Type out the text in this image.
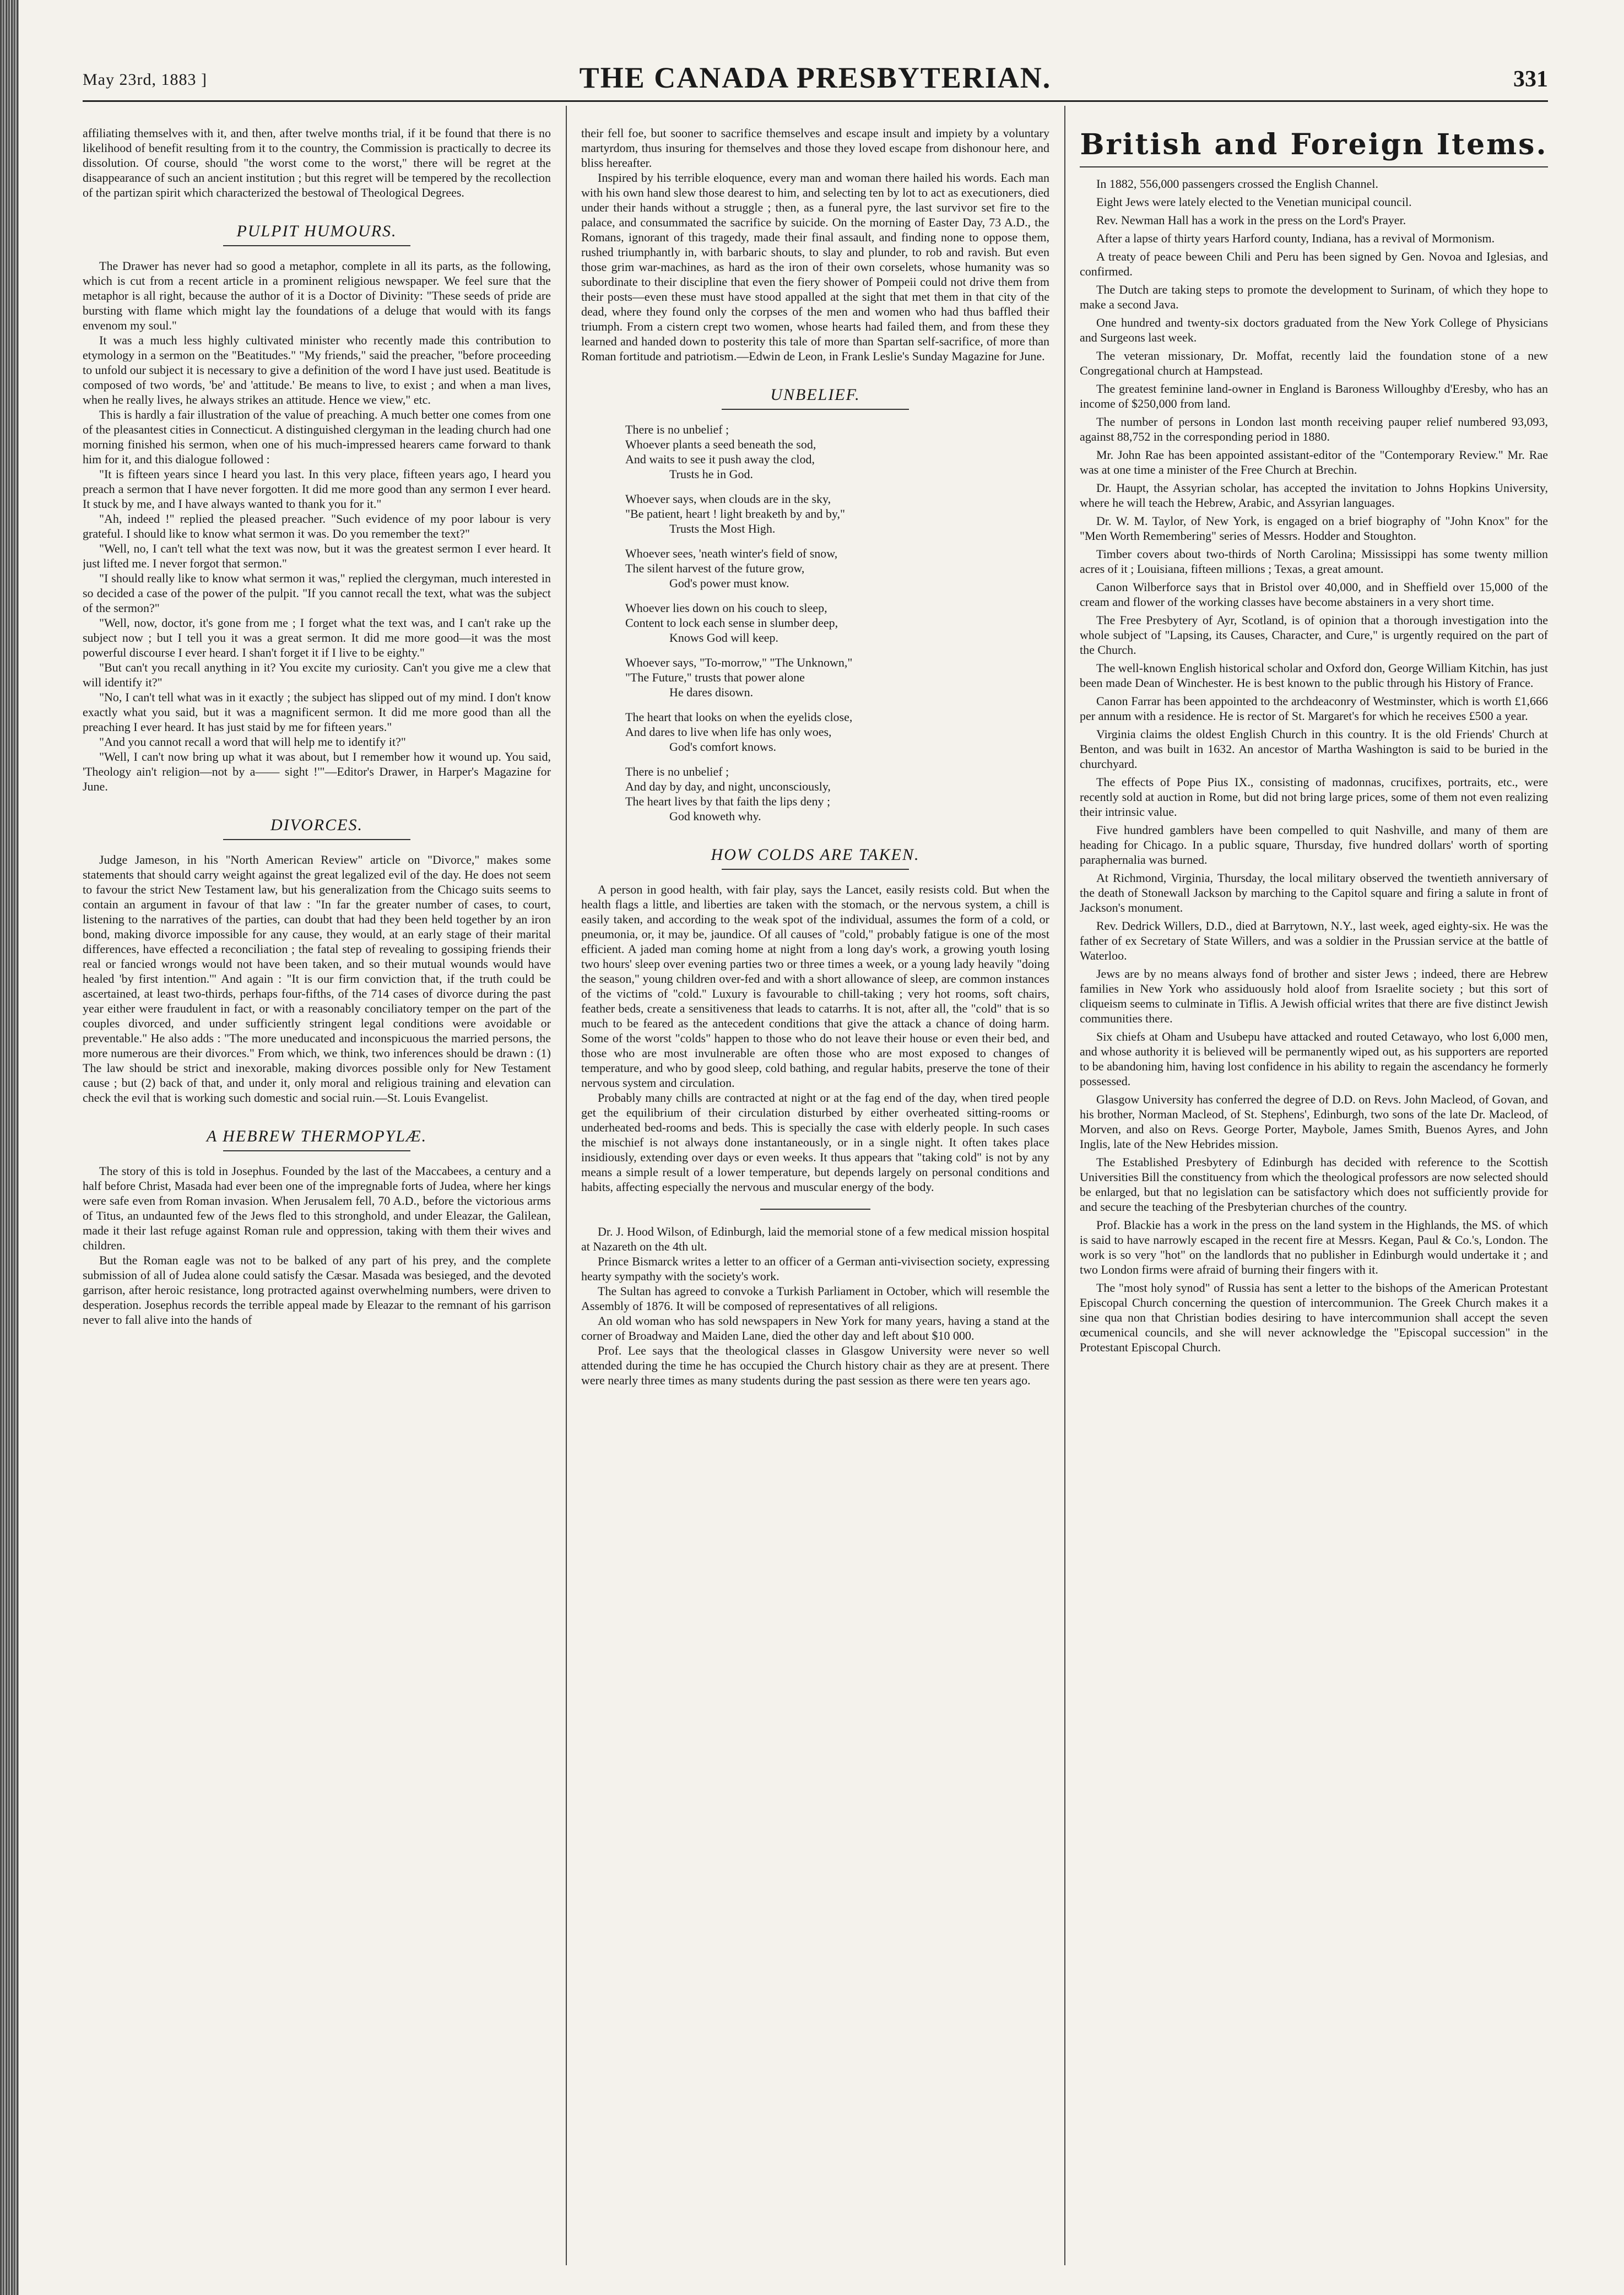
May 23rd, 1883 ]	THE CANADA PRESBYTERIAN.	331

affiliating themselves with it, and then, after twelve months trial, if it be found that there is no likelihood of benefit resulting from it to the country, the Commission is practically to decree its dissolution. Of course, should "the worst come to the worst," there will be regret at the disappearance of such an ancient institution ; but this regret will be tempered by the recollection of the partizan spirit which characterized the bestowal of Theological Degrees.

PULPIT HUMOURS.

The Drawer has never had so good a metaphor, complete in all its parts, as the following, which is cut from a recent article in a prominent religious newspaper. We feel sure that the metaphor is all right, because the author of it is a Doctor of Divinity: "These seeds of pride are bursting with flame which might lay the foundations of a deluge that would with its fangs envenom my soul."

It was a much less highly cultivated minister who recently made this contribution to etymology in a sermon on the "Beatitudes." "My friends," said the preacher, "before proceeding to unfold our subject it is necessary to give a definition of the word I have just used. Beatitude is composed of two words, 'be' and 'attitude.' Be means to live, to exist ; and when a man lives, when he really lives, he always strikes an attitude. Hence we view," etc.

This is hardly a fair illustration of the value of preaching. A much better one comes from one of the pleasantest cities in Connecticut. A distinguished clergyman in the leading church had one morning finished his sermon, when one of his much-impressed hearers came forward to thank him for it, and this dialogue followed :

"It is fifteen years since I heard you last. In this very place, fifteen years ago, I heard you preach a sermon that I have never forgotten. It did me more good than any sermon I ever heard. It stuck by me, and I have always wanted to thank you for it."

"Ah, indeed !" replied the pleased preacher. "Such evidence of my poor labour is very grateful. I should like to know what sermon it was. Do you remember the text?"

"Well, no, I can't tell what the text was now, but it was the greatest sermon I ever heard. It just lifted me. I never forgot that sermon."

"I should really like to know what sermon it was," replied the clergyman, much interested in so decided a case of the power of the pulpit. "If you cannot recall the text, what was the subject of the sermon?"

"Well, now, doctor, it's gone from me ; I forget what the text was, and I can't rake up the subject now ; but I tell you it was a great sermon. It did me more good—it was the most powerful discourse I ever heard. I shan't forget it if I live to be eighty."

"But can't you recall anything in it? You excite my curiosity. Can't you give me a clew that will identify it?"

"No, I can't tell what was in it exactly ; the subject has slipped out of my mind. I don't know exactly what you said, but it was a magnificent sermon. It did me more good than all the preaching I ever heard. It has just staid by me for fifteen years."

"And you cannot recall a word that will help me to identify it?"

"Well, I can't now bring up what it was about, but I remember how it wound up. You said, 'Theology ain't religion—not by a—— sight !'"—Editor's Drawer, in Harper's Magazine for June.

DIVORCES.

Judge Jameson, in his "North American Review" article on "Divorce," makes some statements that should carry weight against the great legalized evil of the day. He does not seem to favour the strict New Testament law, but his generalization from the Chicago suits seems to contain an argument in favour of that law : "In far the greater number of cases, to court, listening to the narratives of the parties, can doubt that had they been held together by an iron bond, making divorce impossible for any cause, they would, at an early stage of their marital differences, have effected a reconciliation ; the fatal step of revealing to gossiping friends their real or fancied wrongs would not have been taken, and so their mutual wounds would have healed 'by first intention.'" And again : "It is our firm conviction that, if the truth could be ascertained, at least two-thirds, perhaps four-fifths, of the 714 cases of divorce during the past year either were fraudulent in fact, or with a reasonably conciliatory temper on the part of the couples divorced, and under sufficiently stringent legal conditions were avoidable or preventable." He also adds : "The more uneducated and inconspicuous the married persons, the more numerous are their divorces." From which, we think, two inferences should be drawn : (1) The law should be strict and inexorable, making divorces possible only for New Testament cause ; but (2) back of that, and under it, only moral and religious training and elevation can check the evil that is working such domestic and social ruin.—St. Louis Evangelist.

A HEBREW THERMOPYLÆ.

The story of this is told in Josephus. Founded by the last of the Maccabees, a century and a half before Christ, Masada had ever been one of the impregnable forts of Judea, where her kings were safe even from Roman invasion. When Jerusalem fell, 70 A.D., before the victorious arms of Titus, an undaunted few of the Jews fled to this stronghold, and under Eleazar, the Galilean, made it their last refuge against Roman rule and oppression, taking with them their wives and children.

But the Roman eagle was not to be balked of any part of his prey, and the complete submission of all of Judea alone could satisfy the Cæsar. Masada was besieged, and the devoted garrison, after heroic resistance, long protracted against overwhelming numbers, were driven to desperation. Josephus records the terrible appeal made by Eleazar to the remnant of his garrison never to fall alive into the hands of

their fell foe, but sooner to sacrifice themselves and escape insult and impiety by a voluntary martyrdom, thus insuring for themselves and those they loved escape from dishonour here, and bliss hereafter.

Inspired by his terrible eloquence, every man and woman there hailed his words. Each man with his own hand slew those dearest to him, and selecting ten by lot to act as executioners, died under their hands without a struggle ; then, as a funeral pyre, the last survivor set fire to the palace, and consummated the sacrifice by suicide. On the morning of Easter Day, 73 A.D., the Romans, ignorant of this tragedy, made their final assault, and finding none to oppose them, rushed triumphantly in, with barbaric shouts, to slay and plunder, to rob and ravish. But even those grim war-machines, as hard as the iron of their own corselets, whose humanity was so subordinate to their discipline that even the fiery shower of Pompeii could not drive them from their posts—even these must have stood appalled at the sight that met them in that city of the dead, where they found only the corpses of the men and women who had thus baffled their triumph. From a cistern crept two women, whose hearts had failed them, and from these they learned and handed down to posterity this tale of more than Spartan self-sacrifice, of more than Roman fortitude and patriotism.—Edwin de Leon, in Frank Leslie's Sunday Magazine for June.

UNBELIEF.
There is no unbelief ;
Whoever plants a seed beneath the sod,
And waits to see it push away the clod,
Trusts he in God.
Whoever says, when clouds are in the sky,
"Be patient, heart ! light breaketh by and by,"
Trusts the Most High.
Whoever sees, 'neath winter's field of snow,
The silent harvest of the future grow,
God's power must know.
Whoever lies down on his couch to sleep,
Content to lock each sense in slumber deep,
Knows God will keep.
Whoever says, "To-morrow," "The Unknown,"
"The Future," trusts that power alone
He dares disown.
The heart that looks on when the eyelids close,
And dares to live when life has only woes,
God's comfort knows.
There is no unbelief ;
And day by day, and night, unconsciously,
The heart lives by that faith the lips deny ;
God knoweth why.
HOW COLDS ARE TAKEN.

A person in good health, with fair play, says the Lancet, easily resists cold. But when the health flags a little, and liberties are taken with the stomach, or the nervous system, a chill is easily taken, and according to the weak spot of the individual, assumes the form of a cold, or pneumonia, or, it may be, jaundice. Of all causes of "cold," probably fatigue is one of the most efficient. A jaded man coming home at night from a long day's work, a growing youth losing two hours' sleep over evening parties two or three times a week, or a young lady heavily "doing the season," young children over-fed and with a short allowance of sleep, are common instances of the victims of "cold." Luxury is favourable to chill-taking ; very hot rooms, soft chairs, feather beds, create a sensitiveness that leads to catarrhs. It is not, after all, the "cold" that is so much to be feared as the antecedent conditions that give the attack a chance of doing harm. Some of the worst "colds" happen to those who do not leave their house or even their bed, and those who are most invulnerable are often those who are most exposed to changes of temperature, and who by good sleep, cold bathing, and regular habits, preserve the tone of their nervous system and circulation.

Probably many chills are contracted at night or at the fag end of the day, when tired people get the equilibrium of their circulation disturbed by either overheated sitting-rooms or underheated bed-rooms and beds. This is specially the case with elderly people. In such cases the mischief is not always done instantaneously, or in a single night. It often takes place insidiously, extending over days or even weeks. It thus appears that "taking cold" is not by any means a simple result of a lower temperature, but depends largely on personal conditions and habits, affecting especially the nervous and muscular energy of the body.

Dr. J. Hood Wilson, of Edinburgh, laid the memorial stone of a few medical mission hospital at Nazareth on the 4th ult.

Prince Bismarck writes a letter to an officer of a German anti-vivisection society, expressing hearty sympathy with the society's work.

The Sultan has agreed to convoke a Turkish Parliament in October, which will resemble the Assembly of 1876. It will be composed of representatives of all religions.

An old woman who has sold newspapers in New York for many years, having a stand at the corner of Broadway and Maiden Lane, died the other day and left about $10 000.

Prof. Lee says that the theological classes in Glasgow University were never so well attended during the time he has occupied the Church history chair as they are at present. There were nearly three times as many students during the past session as there were ten years ago.

British and Foreign Items.

In 1882, 556,000 passengers crossed the English Channel.

Eight Jews were lately elected to the Venetian municipal council.

Rev. Newman Hall has a work in the press on the Lord's Prayer.

After a lapse of thirty years Harford county, Indiana, has a revival of Mormonism.

A treaty of peace beween Chili and Peru has been signed by Gen. Novoa and Iglesias, and confirmed.

The Dutch are taking steps to promote the development to Surinam, of which they hope to make a second Java.

One hundred and twenty-six doctors graduated from the New York College of Physicians and Surgeons last week.

The veteran missionary, Dr. Moffat, recently laid the foundation stone of a new Congregational church at Hampstead.

The greatest feminine land-owner in England is Baroness Willoughby d'Eresby, who has an income of $250,000 from land.

The number of persons in London last month receiving pauper relief numbered 93,093, against 88,752 in the corresponding period in 1880.

Mr. John Rae has been appointed assistant-editor of the "Contemporary Review." Mr. Rae was at one time a minister of the Free Church at Brechin.

Dr. Haupt, the Assyrian scholar, has accepted the invitation to Johns Hopkins University, where he will teach the Hebrew, Arabic, and Assyrian languages.

Dr. W. M. Taylor, of New York, is engaged on a brief biography of "John Knox" for the "Men Worth Remembering" series of Messrs. Hodder and Stoughton.

Timber covers about two-thirds of North Carolina; Mississippi has some twenty million acres of it ; Louisiana, fifteen millions ; Texas, a great amount.

Canon Wilberforce says that in Bristol over 40,000, and in Sheffield over 15,000 of the cream and flower of the working classes have become abstainers in a very short time.

The Free Presbytery of Ayr, Scotland, is of opinion that a thorough investigation into the whole subject of "Lapsing, its Causes, Character, and Cure," is urgently required on the part of the Church.

The well-known English historical scholar and Oxford don, George William Kitchin, has just been made Dean of Winchester. He is best known to the public through his History of France.

Canon Farrar has been appointed to the archdeaconry of Westminster, which is worth £1,666 per annum with a residence. He is rector of St. Margaret's for which he receives £500 a year.

Virginia claims the oldest English Church in this country. It is the old Friends' Church at Benton, and was built in 1632. An ancestor of Martha Washington is said to be buried in the churchyard.

The effects of Pope Pius IX., consisting of madonnas, crucifixes, portraits, etc., were recently sold at auction in Rome, but did not bring large prices, some of them not even realizing their intrinsic value.

Five hundred gamblers have been compelled to quit Nashville, and many of them are heading for Chicago. In a public square, Thursday, five hundred dollars' worth of sporting paraphernalia was burned.

At Richmond, Virginia, Thursday, the local military observed the twentieth anniversary of the death of Stonewall Jackson by marching to the Capitol square and firing a salute in front of Jackson's monument.

Rev. Dedrick Willers, D.D., died at Barrytown, N.Y., last week, aged eighty-six. He was the father of ex Secretary of State Willers, and was a soldier in the Prussian service at the battle of Waterloo.

Jews are by no means always fond of brother and sister Jews ; indeed, there are Hebrew families in New York who assiduously hold aloof from Israelite society ; but this sort of cliqueism seems to culminate in Tiflis. A Jewish official writes that there are five distinct Jewish communities there.

Six chiefs at Oham and Usubepu have attacked and routed Cetawayo, who lost 6,000 men, and whose authority it is believed will be permanently wiped out, as his supporters are reported to be abandoning him, having lost confidence in his ability to regain the ascendancy he formerly possessed.

Glasgow University has conferred the degree of D.D. on Revs. John Macleod, of Govan, and his brother, Norman Macleod, of St. Stephens', Edinburgh, two sons of the late Dr. Macleod, of Morven, and also on Revs. George Porter, Maybole, James Smith, Buenos Ayres, and John Inglis, late of the New Hebrides mission.

The Established Presbytery of Edinburgh has decided with reference to the Scottish Universities Bill the constituency from which the theological professors are now selected should be enlarged, but that no legislation can be satisfactory which does not sufficiently provide for and secure the teaching of the Presbyterian churches of the country.

Prof. Blackie has a work in the press on the land system in the Highlands, the MS. of which is said to have narrowly escaped in the recent fire at Messrs. Kegan, Paul & Co.'s, London. The work is so very "hot" on the landlords that no publisher in Edinburgh would undertake it ; and two London firms were afraid of burning their fingers with it.

The "most holy synod" of Russia has sent a letter to the bishops of the American Protestant Episcopal Church concerning the question of intercommunion. The Greek Church makes it a sine qua non that Christian bodies desiring to have intercommunion shall accept the seven œcumenical councils, and she will never acknowledge the "Episcopal succession" in the Protestant Episcopal Church.
